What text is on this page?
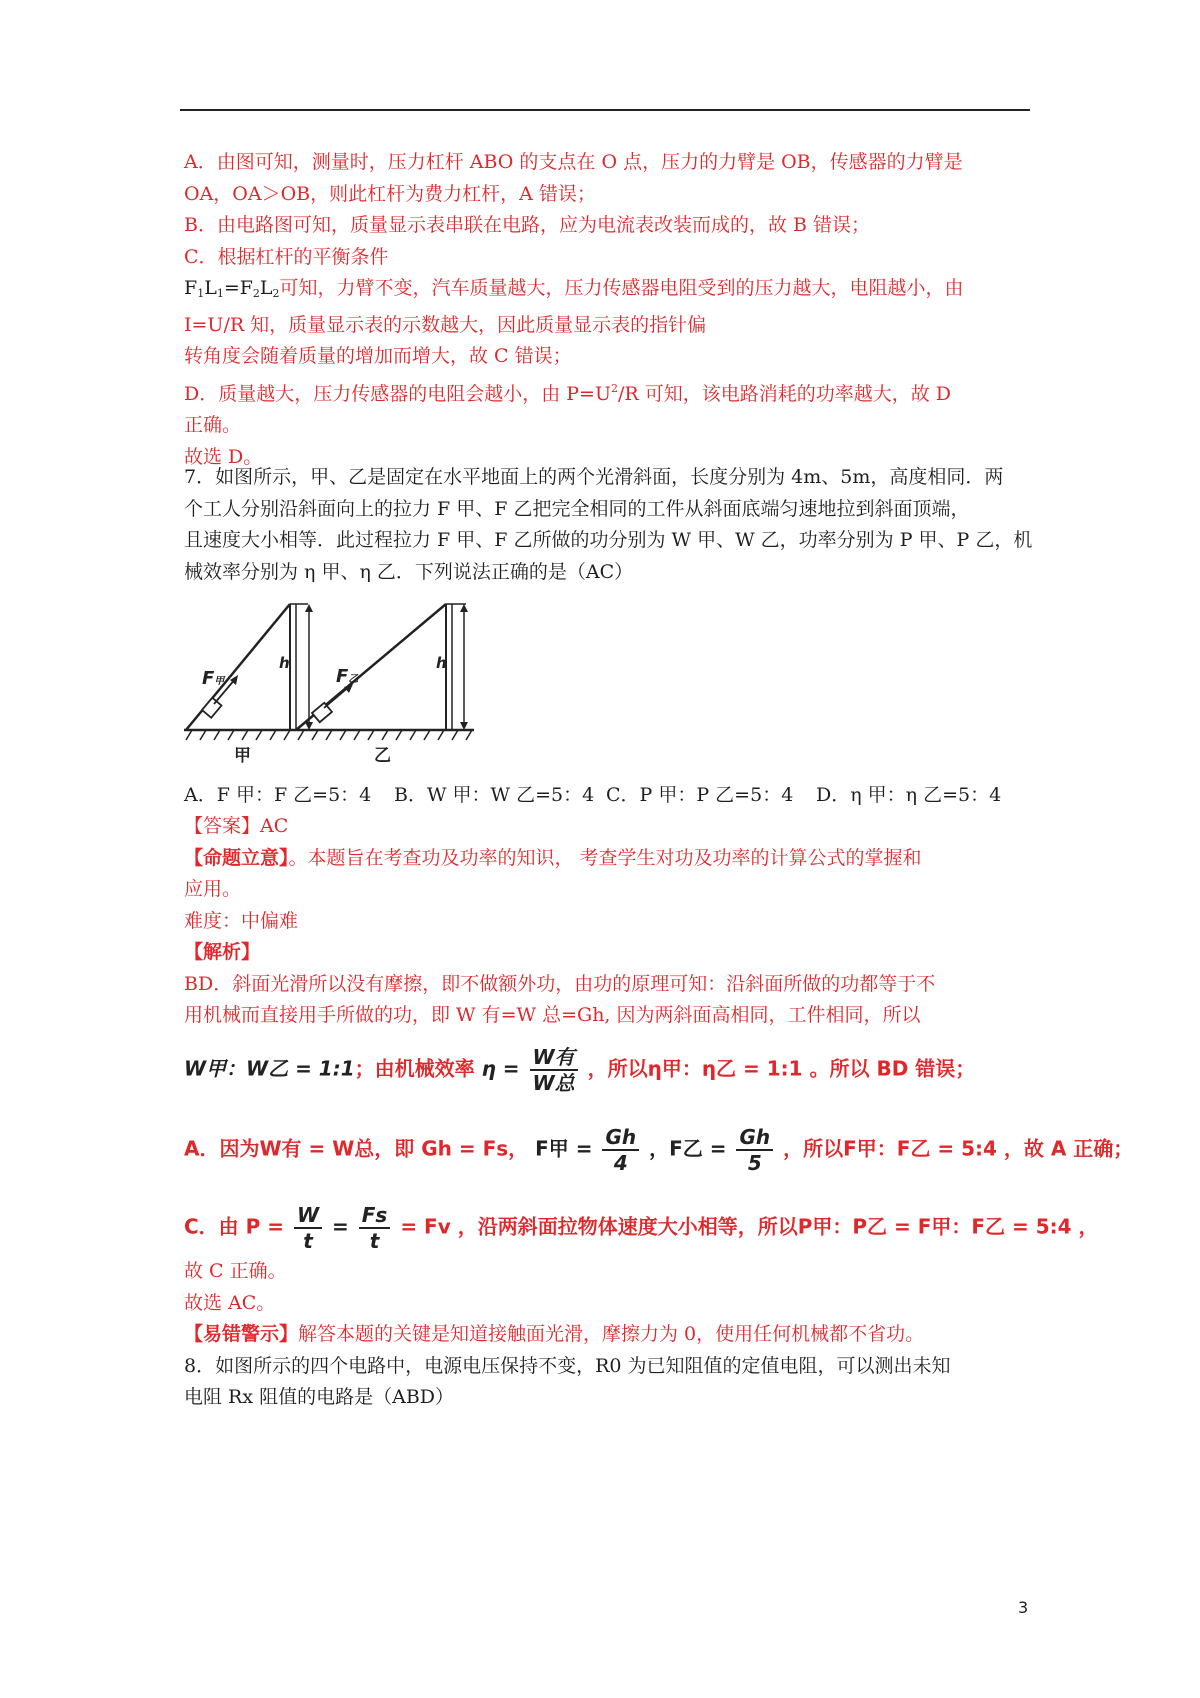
A．由图可知，测量时，压力杠杆 ABO 的支点在 O 点，压力的力臂是 OB，传感器的力臂是
OA，OA＞OB，则此杠杆为费力杠杆，A 错误；
B．由电路图可知，质量显示表串联在电路，应为电流表改装而成的，故 B 错误；
C．根据杠杆的平衡条件
$F_1L_1=F_2L_2$可知，力臂不变，汽车质量越大，压力传感器电阻受到的压力越大，电阻越小，由
I=U/R 知，质量显示表的示数越大，因此质量显示表的指针偏
转角度会随着质量的增加而增大，故 C 错误；
D．质量越大，压力传感器的电阻会越小，由 $P=U^2/R$ 可知，该电路消耗的功率越大，故 D
正确。
故选 D。
7．如图所示，甲、乙是固定在水平地面上的两个光滑斜面，长度分别为 4m、5m，高度相同．两
个工人分别沿斜面向上的拉力 F 甲、F 乙把完全相同的工件从斜面底端匀速地拉到斜面顶端，
且速度大小相等．此过程拉力 F 甲、F 乙所做的功分别为 W 甲、W 乙，功率分别为 P 甲、P 乙，机
械效率分别为 η 甲、η 乙．下列说法正确的是（AC）
F甲	F乙
h	h
甲	乙
A．F 甲：F 乙=5：4 B．W 甲：W 乙=5：4 C．P 甲：P 乙=5：4 D．η 甲：η 乙=5：4
【答案】AC
【命题立意】。本题旨在考查功及功率的知识， 考查学生对功及功率的计算公式的掌握和
应用。
难度：中偏难
【解析】
BD．斜面光滑所以没有摩擦，即不做额外功，由功的原理可知：沿斜面所做的功都等于不
用机械而直接用手所做的功，即 W 有=W 总=Gh, 因为两斜面高相同，工件相同，所以
W甲：W乙 = 1:1；由机械效率 $\eta = \frac{\text{W有}}{\text{W总}}$ ，所以η甲：η乙 = 1:1 。所以 BD 错误；
A．因为W有 = W总，即 Gh = Fs， F甲 = $\frac{Gh}{4}$ ，F乙 = $\frac{Gh}{5}$ ，所以F甲：F乙 = 5:4 ，故 A 正确；
C．由 $P = \frac{W}{t} = \frac{Fs}{t} = Fv$ ，沿两斜面拉物体速度大小相等，所以P甲：P乙 = F甲：F乙 = 5:4 ，
故 C 正确。
故选 AC。
【易错警示】解答本题的关键是知道接触面光滑，摩擦力为 0，使用任何机械都不省功。
8．如图所示的四个电路中，电源电压保持不变，R0 为已知阻值的定值电阻，可以测出未知
电阻 Rx 阻值的电路是（ABD）
3
